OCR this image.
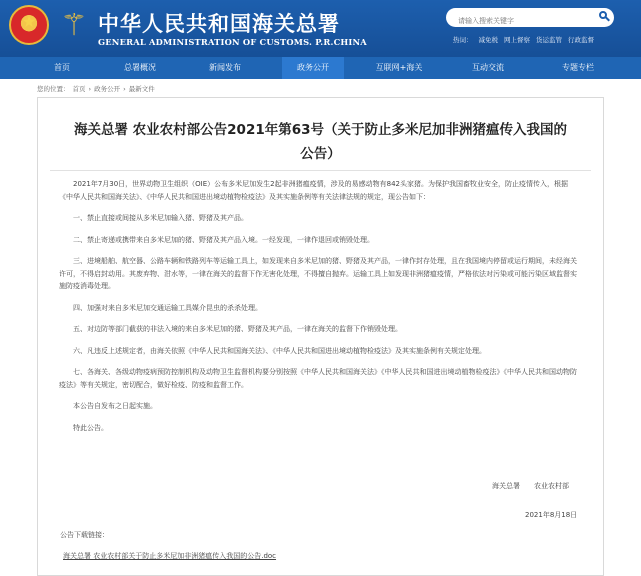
★
⚚ 中华人民共和国海关总署
GENERAL ADMINISTRATION OF CUSTOMS. P.R.CHINA
请输入搜索关键字	热词： 减免税 网上督察 货运监管 行政监督
首页	总署概况	新闻发布	政务公开	互联网+海关	互动交流	专题专栏
您的位置： 首页 › 政务公开 › 最新文件
海关总署 农业农村部公告2021年第63号（关于防止多米尼加非洲猪瘟传入我国的
公告）

2021年7月30日，世界动物卫生组织（OIE）公布多米尼加发生2起非洲猪瘟疫情，涉及的易感动物有842头家猪。为保护我国畜牧业安全，防止疫情传入，根据《中华人民共和国海关法》、《中华人民共和国进出境动植物检疫法》及其实施条例等有关法律法规的规定，现公告如下：

一、禁止直接或间接从多米尼加输入猪、野猪及其产品。

二、禁止寄递或携带来自多米尼加的猪、野猪及其产品入境。一经发现，一律作退回或销毁处理。

三、进境船舶、航空器、公路车辆和铁路列车等运输工具上，如发现来自多米尼加的猪、野猪及其产品，一律作封存处理，且在我国境内停留或运行期间，未经海关许可，不得启封动用。其废弃物、泔水等，一律在海关的监督下作无害化处理，不得擅自抛弃。运输工具上如发现非洲猪瘟疫情，严格依法对污染或可能污染区域监督实施防疫消毒处理。

四、加强对来自多米尼加交通运输工具媒介昆虫的杀杀处理。

五、对边防等部门截获的非法入境的来自多米尼加的猪、野猪及其产品，一律在海关的监督下作销毁处理。

六、凡违反上述规定者，由海关依照《中华人民共和国海关法》、《中华人民共和国进出境动植物检疫法》及其实施条例有关规定处理。

七、各海关、各级动物疫病预防控制机构及动物卫生监督机构要分别按照《中华人民共和国海关法》《中华人民共和国进出境动植物检疫法》《中华人民共和国动物防疫法》等有关规定，密切配合，做好检疫、防疫和监督工作。

本公告自发布之日起实施。

特此公告。

海关总署 农业农村部
2021年8月18日
公告下载链接：
海关总署 农业农村部关于防止多米尼加非洲猪瘟传入我国的公告.doc
